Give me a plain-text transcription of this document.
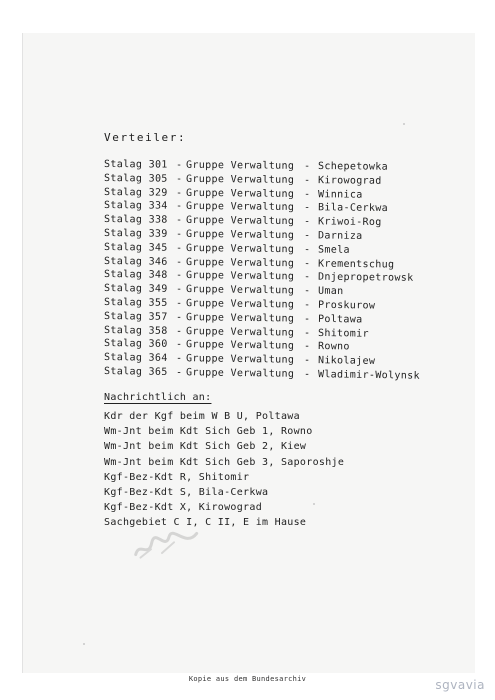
Verteiler:
Stalag 301 - Gruppe Verwaltung - Schepetowka
Stalag 305 - Gruppe Verwaltung - Kirowograd
Stalag 329 - Gruppe Verwaltung - Winnica
Stalag 334 - Gruppe Verwaltung - Bila-Cerkwa
Stalag 338 - Gruppe Verwaltung - Kriwoi-Rog
Stalag 339 - Gruppe Verwaltung - Darniza
Stalag 345 - Gruppe Verwaltung - Smela
Stalag 346 - Gruppe Verwaltung - Krementschug
Stalag 348 - Gruppe Verwaltung - Dnjepropetrowsk
Stalag 349 - Gruppe Verwaltung - Uman
Stalag 355 - Gruppe Verwaltung - Proskurow
Stalag 357 - Gruppe Verwaltung - Poltawa
Stalag 358 - Gruppe Verwaltung - Shitomir
Stalag 360 - Gruppe Verwaltung - Rowno
Stalag 364 - Gruppe Verwaltung - Nikolajew
Stalag 365 - Gruppe Verwaltung - Wladimir-Wolynsk
Nachrichtlich an:
Kdr der Kgf beim W B U, Poltawa
Wm-Jnt beim Kdt Sich Geb 1, Rowno
Wm-Jnt beim Kdt Sich Geb 2, Kiew
Wm-Jnt beim Kdt Sich Geb 3, Saporoshje
Kgf-Bez-Kdt R, Shitomir
Kgf-Bez-Kdt S, Bila-Cerkwa
Kgf-Bez-Kdt X, Kirowograd
Sachgebiet C I, C II, E im Hause
Kopie aus dem Bundesarchiv	sgvavia
